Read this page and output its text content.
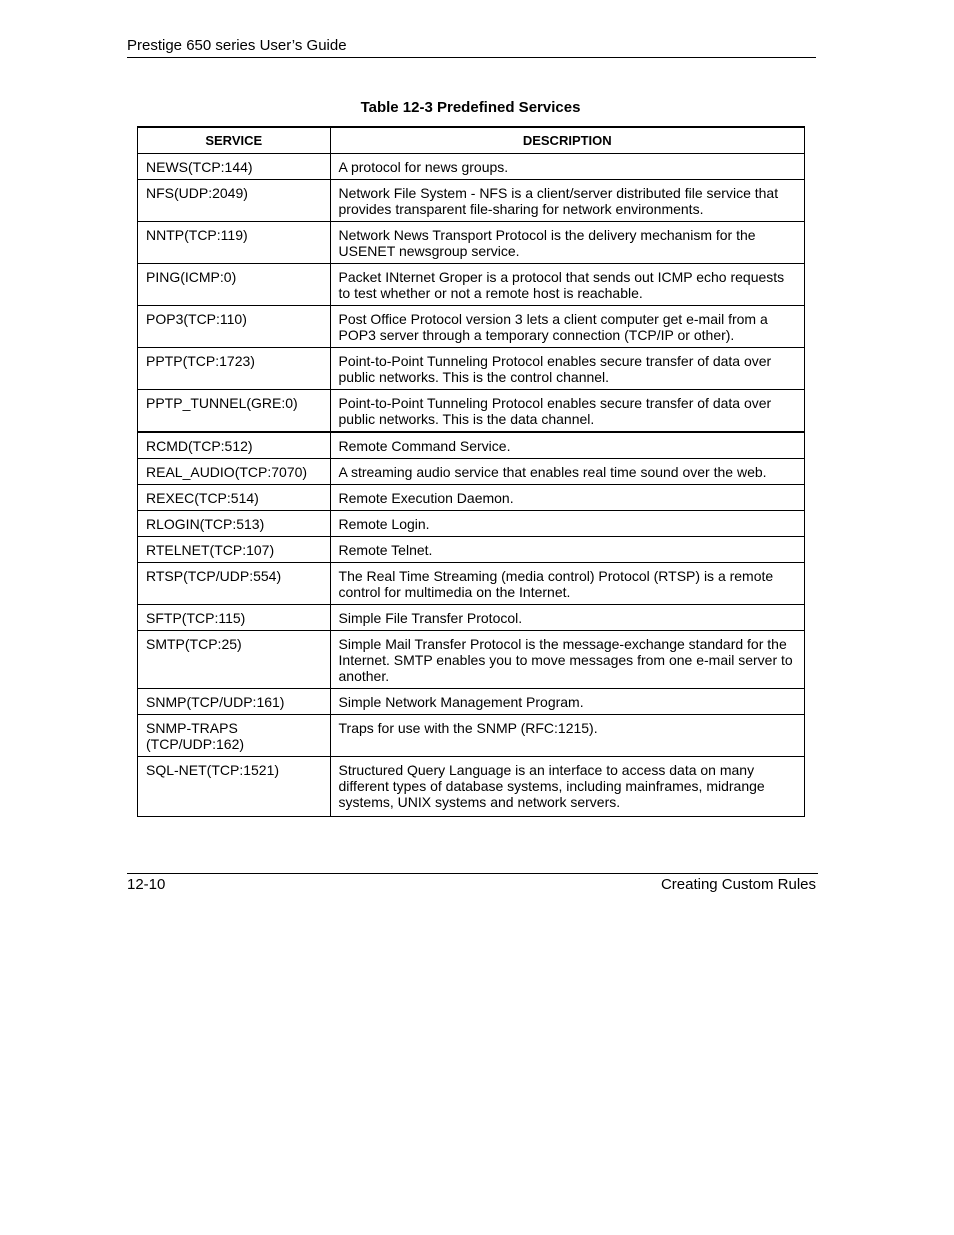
Prestige 650 series User’s Guide
Table 12-3 Predefined Services
SERVICE	DESCRIPTION
NEWS(TCP:144)	A protocol for news groups.
NFS(UDP:2049)	Network File System - NFS is a client/server distributed file service that provides transparent file-sharing for network environments.
NNTP(TCP:119)	Network News Transport Protocol is the delivery mechanism for the USENET newsgroup service.
PING(ICMP:0)	Packet INternet Groper is a protocol that sends out ICMP echo requests to test whether or not a remote host is reachable.
POP3(TCP:110)	Post Office Protocol version 3 lets a client computer get e-mail from a POP3 server through a temporary connection (TCP/IP or other).
PPTP(TCP:1723)	Point-to-Point Tunneling Protocol enables secure transfer of data over public networks. This is the control channel.
PPTP_TUNNEL(GRE:0)	Point-to-Point Tunneling Protocol enables secure transfer of data over public networks. This is the data channel.
RCMD(TCP:512)	Remote Command Service.
REAL_AUDIO(TCP:7070)	A streaming audio service that enables real time sound over the web.
REXEC(TCP:514)	Remote Execution Daemon.
RLOGIN(TCP:513)	Remote Login.
RTELNET(TCP:107)	Remote Telnet.
RTSP(TCP/UDP:554)	The Real Time Streaming (media control) Protocol (RTSP) is a remote control for multimedia on the Internet.
SFTP(TCP:115)	Simple File Transfer Protocol.
SMTP(TCP:25)	Simple Mail Transfer Protocol is the message-exchange standard for the Internet. SMTP enables you to move messages from one e-mail server to another.
SNMP(TCP/UDP:161)	Simple Network Management Program.
SNMP-TRAPS (TCP/UDP:162)	Traps for use with the SNMP (RFC:1215).
SQL-NET(TCP:1521)	Structured Query Language is an interface to access data on many different types of database systems, including mainframes, midrange systems, UNIX systems and network servers.
12-10	Creating Custom Rules
